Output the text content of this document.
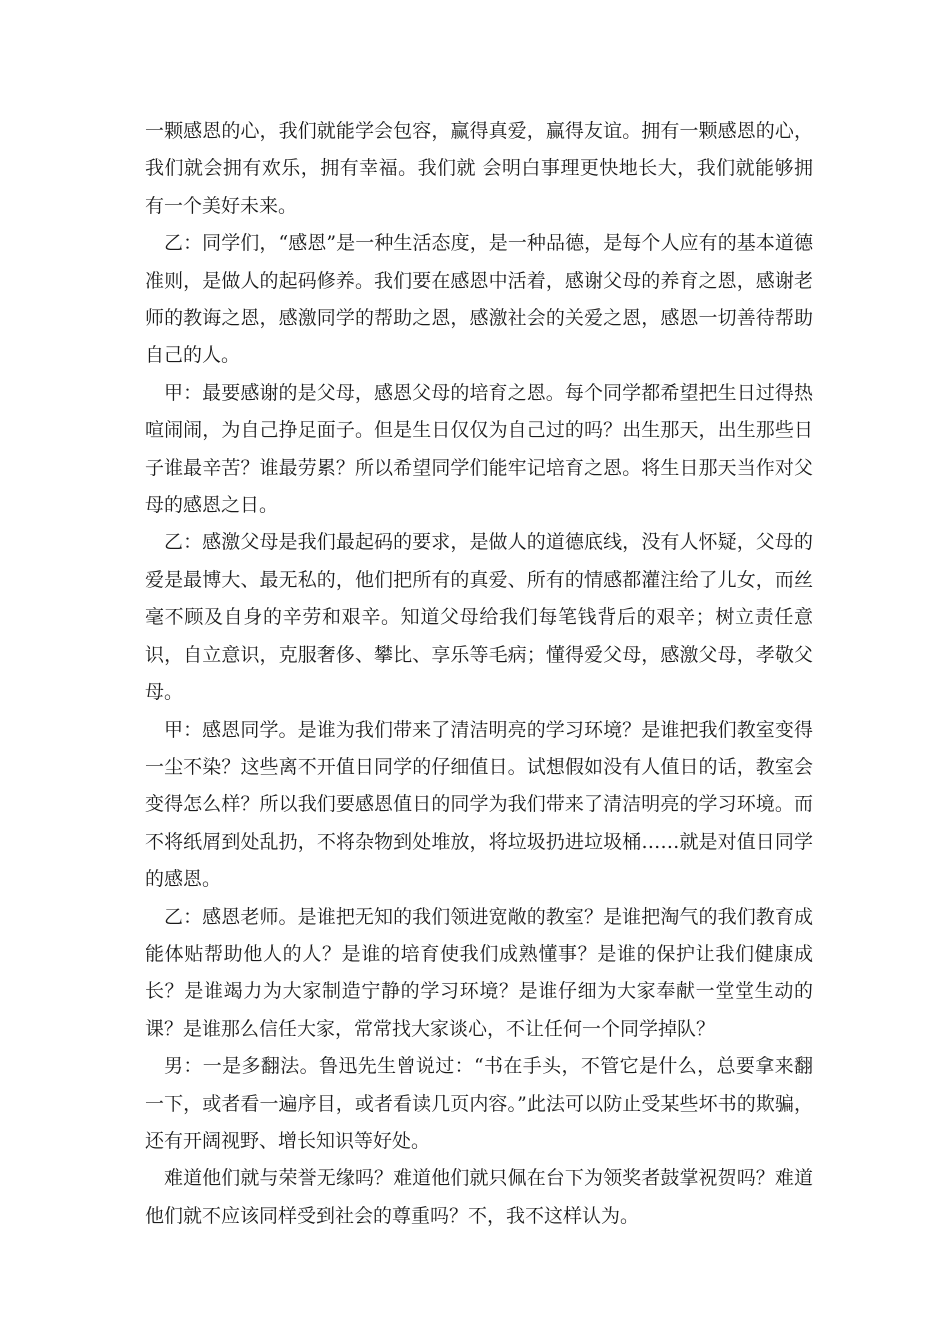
一颗感恩的心，我们就能学会包容，赢得真爱，赢得友谊。拥有一颗感恩的心，我们就会拥有欢乐，拥有幸福。我们就 会明白事理更快地长大，我们就能够拥有一个美好未来。

乙：同学们，“感恩”是一种生活态度，是一种品德，是每个人应有的基本道德准则，是做人的起码修养。我们要在感恩中活着，感谢父母的养育之恩，感谢老师的教诲之恩，感激同学的帮助之恩，感激社会的关爱之恩，感恩一切善待帮助自己的人。

甲：最要感谢的是父母，感恩父母的培育之恩。每个同学都希望把生日过得热喧闹闹，为自己挣足面子。但是生日仅仅为自己过的吗？出生那天，出生那些日子谁最辛苦？谁最劳累？所以希望同学们能牢记培育之恩。将生日那天当作对父母的感恩之日。

乙：感激父母是我们最起码的要求，是做人的道德底线，没有人怀疑，父母的爱是最博大、最无私的，他们把所有的真爱、所有的情感都灌注给了儿女，而丝毫不顾及自身的辛劳和艰辛。知道父母给我们每笔钱背后的艰辛；树立责任意识，自立意识，克服奢侈、攀比、享乐等毛病；懂得爱父母，感激父母，孝敬父母。

甲：感恩同学。是谁为我们带来了清洁明亮的学习环境？是谁把我们教室变得一尘不染？这些离不开值日同学的仔细值日。试想假如没有人值日的话，教室会变得怎么样？所以我们要感恩值日的同学为我们带来了清洁明亮的学习环境。而不将纸屑到处乱扔，不将杂物到处堆放，将垃圾扔进垃圾桶……就是对值日同学的感恩。

乙：感恩老师。是谁把无知的我们领进宽敞的教室？是谁把淘气的我们教育成能体贴帮助他人的人？是谁的培育使我们成熟懂事？是谁的保护让我们健康成长？是谁竭力为大家制造宁静的学习环境？是谁仔细为大家奉献一堂堂生动的课？是谁那么信任大家，常常找大家谈心，不让任何一个同学掉队？

男：一是多翻法。鲁迅先生曾说过：“书在手头，不管它是什么，总要拿来翻一下，或者看一遍序目，或者看读几页内容。”此法可以防止受某些坏书的欺骗，还有开阔视野、增长知识等好处。

难道他们就与荣誉无缘吗？难道他们就只佩在台下为领奖者鼓掌祝贺吗？难道他们就不应该同样受到社会的尊重吗？不，我不这样认为。
